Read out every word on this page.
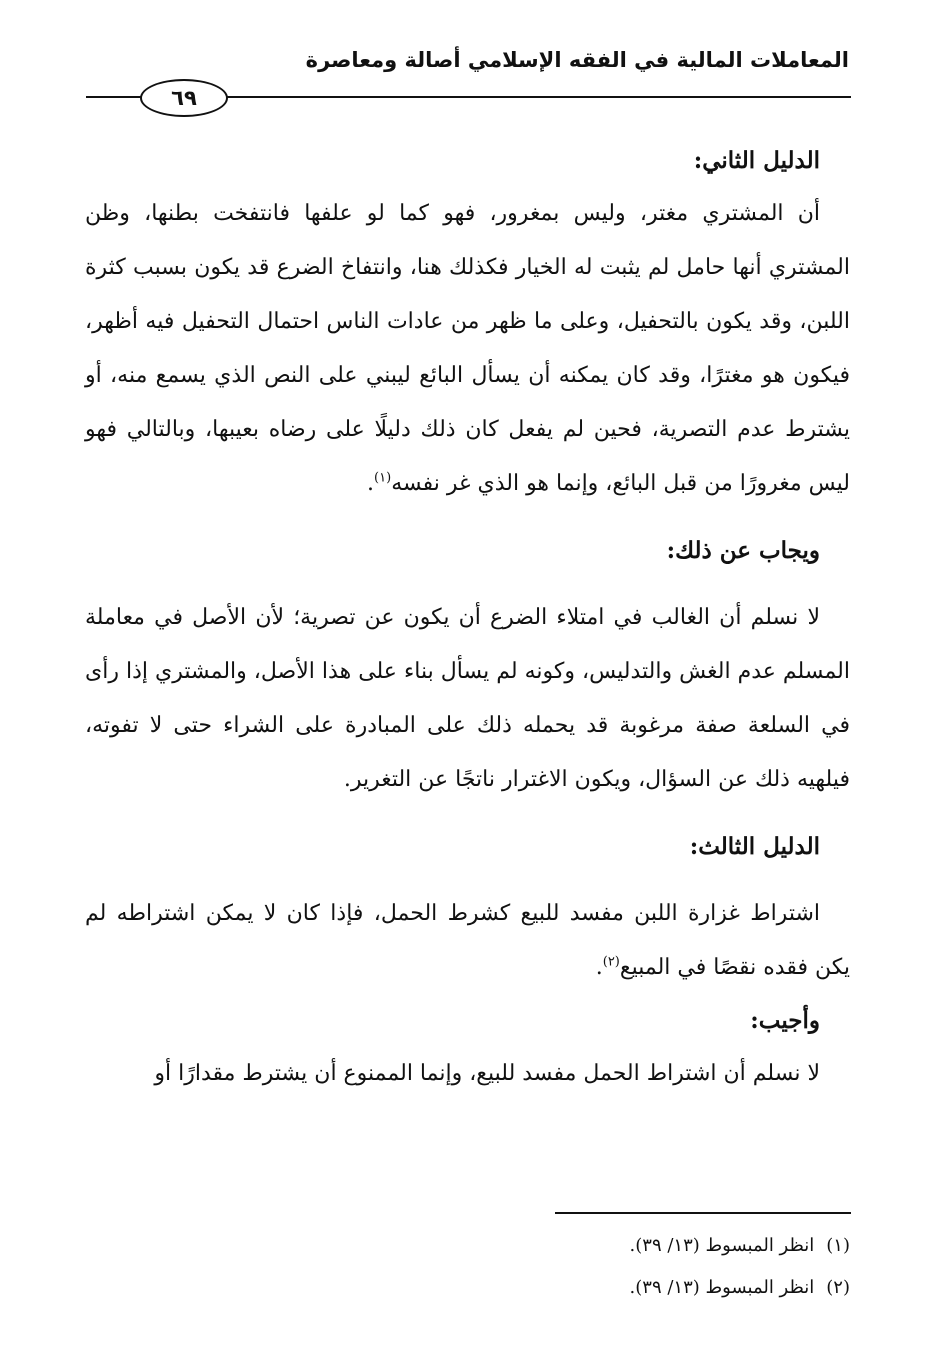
المعاملات المالية في الفقه الإسلامي أصالة ومعاصرة
٦٩

الدليل الثاني:

أن المشتري مغتر، وليس بمغرور، فهو كما لو علفها فانتفخت بطنها، وظن المشتري أنها حامل لم يثبت له الخيار فكذلك هنا، وانتفاخ الضرع قد يكون بسبب كثرة اللبن، وقد يكون بالتحفيل، وعلى ما ظهر من عادات الناس احتمال التحفيل فيه أظهر، فيكون هو مغترًا، وقد كان يمكنه أن يسأل البائع ليبني على النص الذي يسمع منه، أو يشترط عدم التصرية، فحين لم يفعل كان ذلك دليلًا على رضاه بعيبها، وبالتالي فهو ليس مغرورًا من قبل البائع، وإنما هو الذي غر نفسه$^{(١)}$.

ويجاب عن ذلك:

لا نسلم أن الغالب في امتلاء الضرع أن يكون عن تصرية؛ لأن الأصل في معاملة المسلم عدم الغش والتدليس، وكونه لم يسأل بناء على هذا الأصل، والمشتري إذا رأى في السلعة صفة مرغوبة قد يحمله ذلك على المبادرة على الشراء حتى لا تفوته، فيلهيه ذلك عن السؤال، ويكون الاغترار ناتجًا عن التغرير.

الدليل الثالث:

اشتراط غزارة اللبن مفسد للبيع كشرط الحمل، فإذا كان لا يمكن اشتراطه لم يكن فقده نقصًا في المبيع$^{(٢)}$.

وأجيب:

لا نسلم أن اشتراط الحمل مفسد للبيع، وإنما الممنوع أن يشترط مقدارًا أو

(١)انظر المبسوط (١٣/ ٣٩).
(٢)انظر المبسوط (١٣/ ٣٩).
